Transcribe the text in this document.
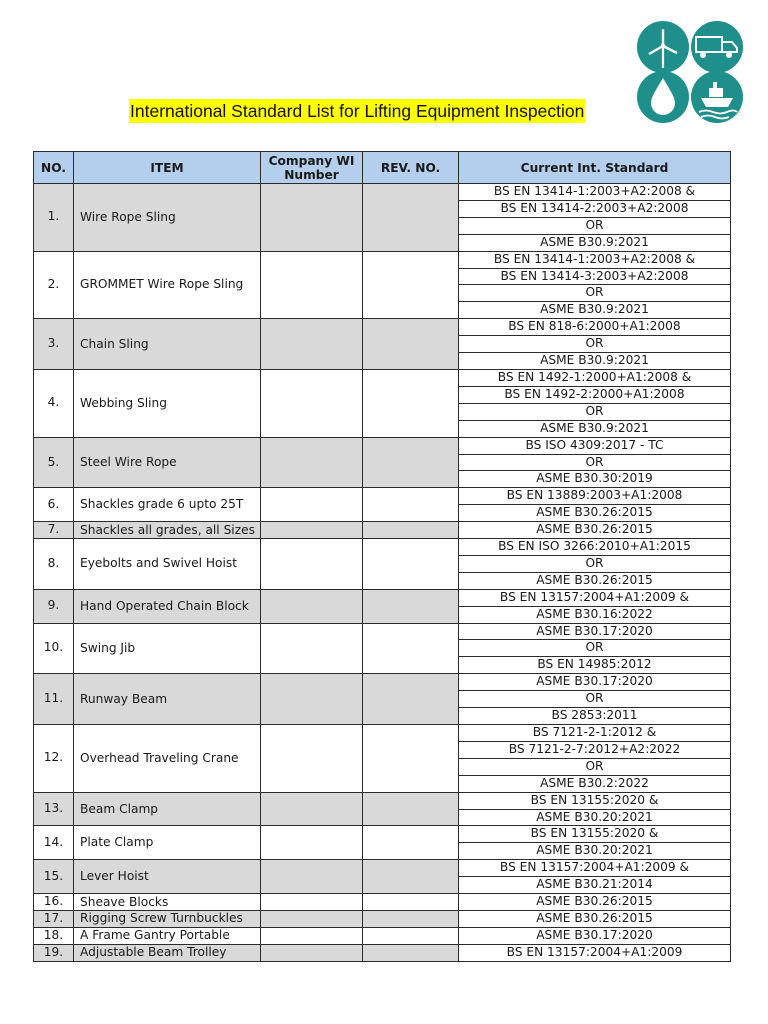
International Standard List for Lifting Equipment Inspection
NO.	ITEM	Company WI Number	REV. NO.	Current Int. Standard
1.	Wire Rope Sling			BS EN 13414-1:2003+A2:2008 &
				BS EN 13414-2:2003+A2:2008
				OR
				ASME B30.9:2021
2.	GROMMET Wire Rope Sling			BS EN 13414-1:2003+A2:2008 &
				BS EN 13414-3:2003+A2:2008
				OR
				ASME B30.9:2021
3.	Chain Sling			BS EN 818-6:2000+A1:2008
				OR
				ASME B30.9:2021
4.	Webbing Sling			BS EN 1492-1:2000+A1:2008 &
				BS EN 1492-2:2000+A1:2008
				OR
				ASME B30.9:2021
5.	Steel Wire Rope			BS ISO 4309:2017 - TC
				OR
				ASME B30.30:2019
6.	Shackles grade 6 upto 25T			BS EN 13889:2003+A1:2008
				ASME B30.26:2015
7.	Shackles all grades, all Sizes			ASME B30.26:2015
8.	Eyebolts and Swivel Hoist			BS EN ISO 3266:2010+A1:2015
				OR
				ASME B30.26:2015
9.	Hand Operated Chain Block			BS EN 13157:2004+A1:2009 &
				ASME B30.16:2022
10.	Swing Jib			ASME B30.17:2020
				OR
				BS EN 14985:2012
11.	Runway Beam			ASME B30.17:2020
				OR
				BS 2853:2011
12.	Overhead Traveling Crane			BS 7121-2-1:2012 &
				BS 7121-2-7:2012+A2:2022
				OR
				ASME B30.2:2022
13.	Beam Clamp			BS EN 13155:2020 &
				ASME B30.20:2021
14.	Plate Clamp			BS EN 13155:2020 &
				ASME B30.20:2021
15.	Lever Hoist			BS EN 13157:2004+A1:2009 &
				ASME B30.21:2014
16.	Sheave Blocks			ASME B30.26:2015
17.	Rigging Screw Turnbuckles			ASME B30.26:2015
18.	A Frame Gantry Portable			ASME B30.17:2020
19.	Adjustable Beam Trolley			BS EN 13157:2004+A1:2009
